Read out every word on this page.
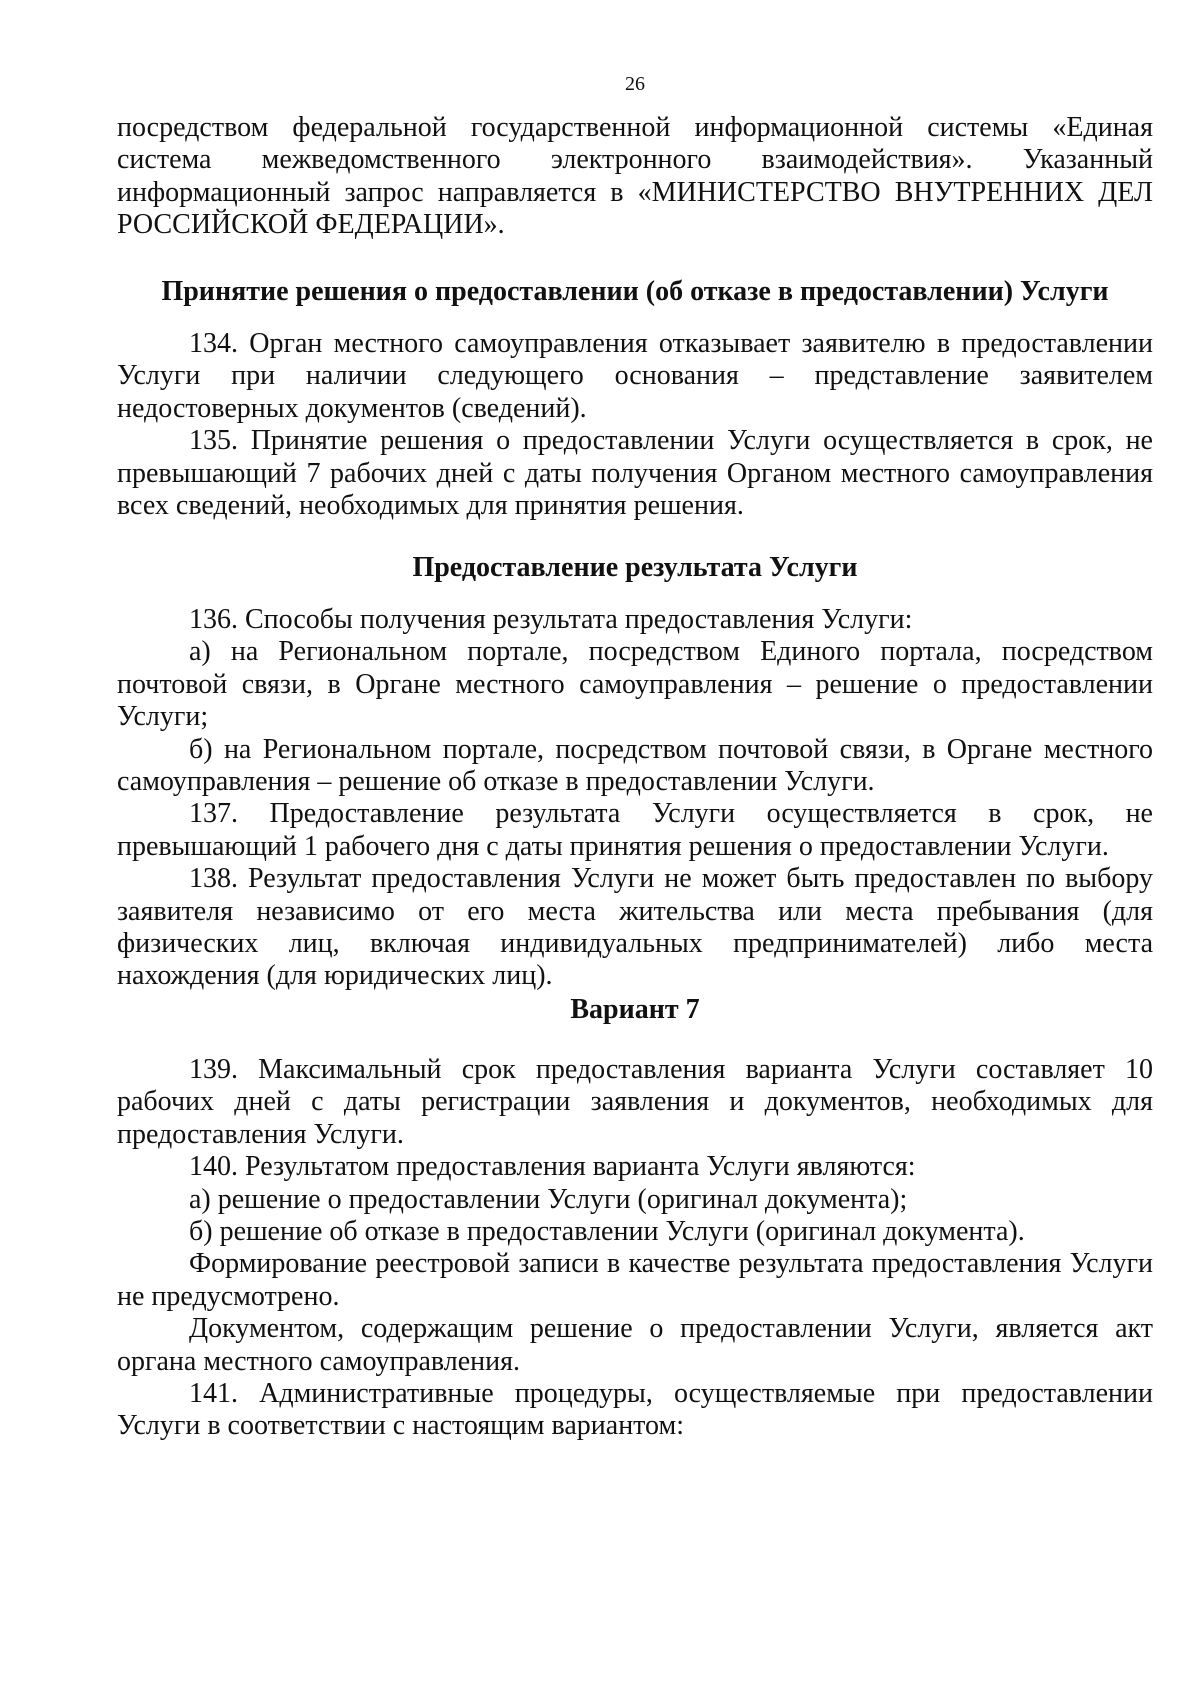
26

посредством федеральной государственной информационной системы «Единая система межведомственного электронного взаимодействия». Указанный информационный запрос направляется в «МИНИСТЕРСТВО ВНУТРЕННИХ ДЕЛ РОССИЙСКОЙ ФЕДЕРАЦИИ».

Принятие решения о предоставлении (об отказе в предоставлении) Услуги

134. Орган местного самоуправления отказывает заявителю в предоставлении Услуги при наличии следующего основания – представление заявителем недостоверных документов (сведений).

135. Принятие решения о предоставлении Услуги осуществляется в срок, не превышающий 7 рабочих дней с даты получения Органом местного самоуправления всех сведений, необходимых для принятия решения.

Предоставление результата Услуги

136. Способы получения результата предоставления Услуги:

а) на Региональном портале, посредством Единого портала, посредством почтовой связи, в Органе местного самоуправления – решение о предоставлении Услуги;

б) на Региональном портале, посредством почтовой связи, в Органе местного самоуправления – решение об отказе в предоставлении Услуги.

137. Предоставление результата Услуги осуществляется в срок, не превышающий 1 рабочего дня с даты принятия решения о предоставлении Услуги.

138. Результат предоставления Услуги не может быть предоставлен по выбору заявителя независимо от его места жительства или места пребывания (для физических лиц, включая индивидуальных предпринимателей) либо места нахождения (для юридических лиц).

Вариант 7

139. Максимальный срок предоставления варианта Услуги составляет 10 рабочих дней с даты регистрации заявления и документов, необходимых для предоставления Услуги.

140. Результатом предоставления варианта Услуги являются:

а) решение о предоставлении Услуги (оригинал документа);

б) решение об отказе в предоставлении Услуги (оригинал документа).

Формирование реестровой записи в качестве результата предоставления Услуги не предусмотрено.

Документом, содержащим решение о предоставлении Услуги, является акт органа местного самоуправления.

141. Административные процедуры, осуществляемые при предоставлении Услуги в соответствии с настоящим вариантом:
